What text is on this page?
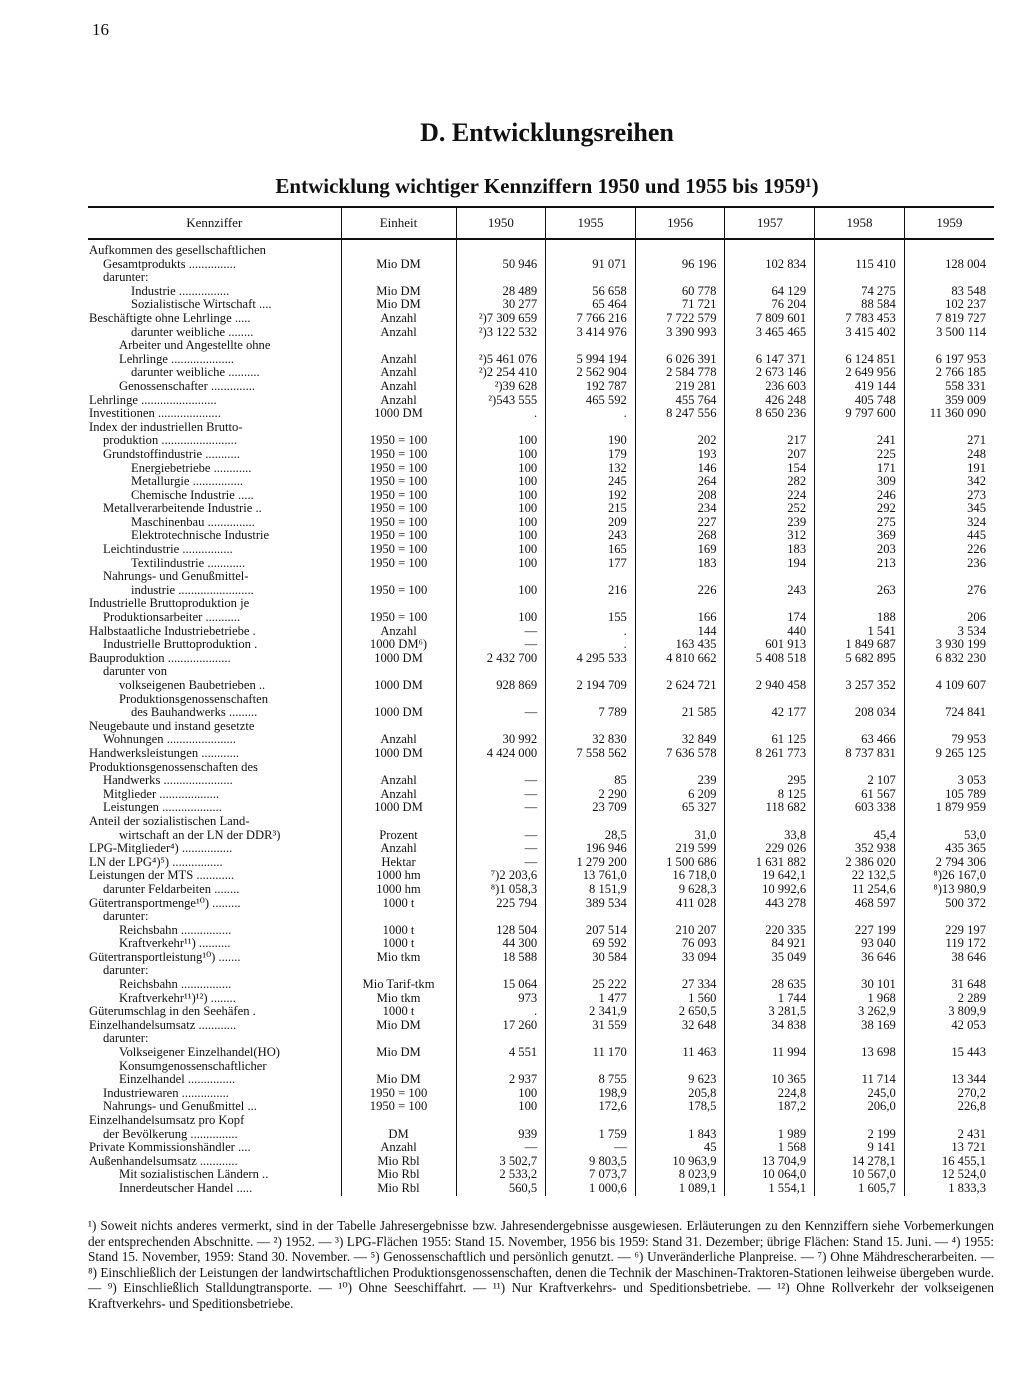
16
D. Entwicklungsreihen
Entwicklung wichtiger Kennziffern 1950 und 1955 bis 1959¹)
Kennziffer	Einheit	1950	1955	1956	1957	1958	1959
Aufkommen des gesellschaftlichen							
Gesamtprodukts ...............	Mio DM	50 946	91 071	96 196	102 834	115 410	128 004
darunter:							
Industrie ................	Mio DM	28 489	56 658	60 778	64 129	74 275	83 548
Sozialistische Wirtschaft ....	Mio DM	30 277	65 464	71 721	76 204	88 584	102 237
Beschäftigte ohne Lehrlinge .....	Anzahl	²)7 309 659	7 766 216	7 722 579	7 809 601	7 783 453	7 819 727
darunter weibliche ........	Anzahl	²)3 122 532	3 414 976	3 390 993	3 465 465	3 415 402	3 500 114
Arbeiter und Angestellte ohne							
Lehrlinge ....................	Anzahl	²)5 461 076	5 994 194	6 026 391	6 147 371	6 124 851	6 197 953
darunter weibliche ..........	Anzahl	²)2 254 410	2 562 904	2 584 778	2 673 146	2 649 956	2 766 185
Genossenschafter ..............	Anzahl	²)39 628	192 787	219 281	236 603	419 144	558 331
Lehrlinge ........................	Anzahl	²)543 555	465 592	455 764	426 248	405 748	359 009
Investitionen ....................	1000 DM	.	.	8 247 556	8 650 236	9 797 600	11 360 090
Index der industriellen Brutto-							
produktion ........................	1950 = 100	100	190	202	217	241	271
Grundstoffindustrie ...........	1950 = 100	100	179	193	207	225	248
Energiebetriebe ............	1950 = 100	100	132	146	154	171	191
Metallurgie ................	1950 = 100	100	245	264	282	309	342
Chemische Industrie .....	1950 = 100	100	192	208	224	246	273
Metallverarbeitende Industrie ..	1950 = 100	100	215	234	252	292	345
Maschinenbau ...............	1950 = 100	100	209	227	239	275	324
Elektrotechnische Industrie	1950 = 100	100	243	268	312	369	445
Leichtindustrie ................	1950 = 100	100	165	169	183	203	226
Textilindustrie ............	1950 = 100	100	177	183	194	213	236
Nahrungs- und Genußmittel-							
industrie ........................	1950 = 100	100	216	226	243	263	276
Industrielle Bruttoproduktion je							
Produktionsarbeiter ...........	1950 = 100	100	155	166	174	188	206
Halbstaatliche Industriebetriebe .	Anzahl	—	.	144	440	1 541	3 534
Industrielle Bruttoproduktion .	1000 DM⁶)	—	.	163 435	601 913	1 849 687	3 930 199
Bauproduktion ....................	1000 DM	2 432 700	4 295 533	4 810 662	5 408 518	5 682 895	6 832 230
darunter von							
volkseigenen Baubetrieben ..	1000 DM	928 869	2 194 709	2 624 721	2 940 458	3 257 352	4 109 607
Produktionsgenossenschaften							
des Bauhandwerks .........	1000 DM	—	7 789	21 585	42 177	208 034	724 841
Neugebaute und instand gesetzte							
Wohnungen ......................	Anzahl	30 992	32 830	32 849	61 125	63 466	79 953
Handwerksleistungen ............	1000 DM	4 424 000	7 558 562	7 636 578	8 261 773	8 737 831	9 265 125
Produktionsgenossenschaften des							
Handwerks ......................	Anzahl	—	85	239	295	2 107	3 053
Mitglieder ...................	Anzahl	—	2 290	6 209	8 125	61 567	105 789
Leistungen ...................	1000 DM	—	23 709	65 327	118 682	603 338	1 879 959
Anteil der sozialistischen Land-							
wirtschaft an der LN der DDR³)	Prozent	—	28,5	31,0	33,8	45,4	53,0
LPG-Mitglieder⁴) ................	Anzahl	—	196 946	219 599	229 026	352 938	435 365
LN der LPG⁴)⁵) ................	Hektar	—	1 279 200	1 500 686	1 631 882	2 386 020	2 794 306
Leistungen der MTS ............	1000 hm	⁷)2 203,6	13 761,0	16 718,0	19 642,1	22 132,5	⁸)26 167,0
darunter Feldarbeiten ........	1000 hm	⁸)1 058,3	8 151,9	9 628,3	10 992,6	11 254,6	⁸)13 980,9
Gütertransportmenge¹⁰) .........	1000 t	225 794	389 534	411 028	443 278	468 597	500 372
darunter:							
Reichsbahn ................	1000 t	128 504	207 514	210 207	220 335	227 199	229 197
Kraftverkehr¹¹) ..........	1000 t	44 300	69 592	76 093	84 921	93 040	119 172
Gütertransportleistung¹⁰) .......	Mio tkm	18 588	30 584	33 094	35 049	36 646	38 646
darunter:							
Reichsbahn ................	Mio Tarif-tkm	15 064	25 222	27 334	28 635	30 101	31 648
Kraftverkehr¹¹)¹²) ........	Mio tkm	973	1 477	1 560	1 744	1 968	2 289
Güterumschlag in den Seehäfen .	1000 t	.	2 341,9	2 650,5	3 281,5	3 262,9	3 809,9
Einzelhandelsumsatz ............	Mio DM	17 260	31 559	32 648	34 838	38 169	42 053
darunter:							
Volkseigener Einzelhandel(HO)	Mio DM	4 551	11 170	11 463	11 994	13 698	15 443
Konsumgenossenschaftlicher							
Einzelhandel ...............	Mio DM	2 937	8 755	9 623	10 365	11 714	13 344
Industriewaren ...............	1950 = 100	100	198,9	205,8	224,8	245,0	270,2
Nahrungs- und Genußmittel ...	1950 = 100	100	172,6	178,5	187,2	206,0	226,8
Einzelhandelsumsatz pro Kopf							
der Bevölkerung ...............	DM	939	1 759	1 843	1 989	2 199	2 431
Private Kommissionshändler ....	Anzahl	—	—	45	1 568	9 141	13 721
Außenhandelsumsatz ............	Mio Rbl	3 502,7	9 803,5	10 963,9	13 704,9	14 278,1	16 455,1
Mit sozialistischen Ländern ..	Mio Rbl	2 533,2	7 073,7	8 023,9	10 064,0	10 567,0	12 524,0
Innerdeutscher Handel .....	Mio Rbl	560,5	1 000,6	1 089,1	1 554,1	1 605,7	1 833,3

¹) Soweit nichts anderes vermerkt, sind in der Tabelle Jahresergebnisse bzw. Jahresendergebnisse ausgewiesen. Erläuterungen zu den Kennziffern siehe Vorbemerkungen der entsprechenden Abschnitte. — ²) 1952. — ³) LPG-Flächen 1955: Stand 15. November, 1956 bis 1959: Stand 31. Dezember; übrige Flächen: Stand 15. Juni. — ⁴) 1955: Stand 15. November, 1959: Stand 30. November. — ⁵) Genossenschaftlich und persönlich genutzt. — ⁶) Unveränderliche Planpreise. — ⁷) Ohne Mähdrescherarbeiten. — ⁸) Einschließlich der Leistungen der landwirtschaftlichen Produktionsgenossenschaften, denen die Technik der Maschinen-Traktoren-Stationen leihweise übergeben wurde. — ⁹) Einschließlich Stalldungtransporte. — ¹⁰) Ohne Seeschiffahrt. — ¹¹) Nur Kraftverkehrs- und Speditionsbetriebe. — ¹²) Ohne Rollverkehr der volkseigenen Kraftverkehrs- und Speditionsbetriebe.
